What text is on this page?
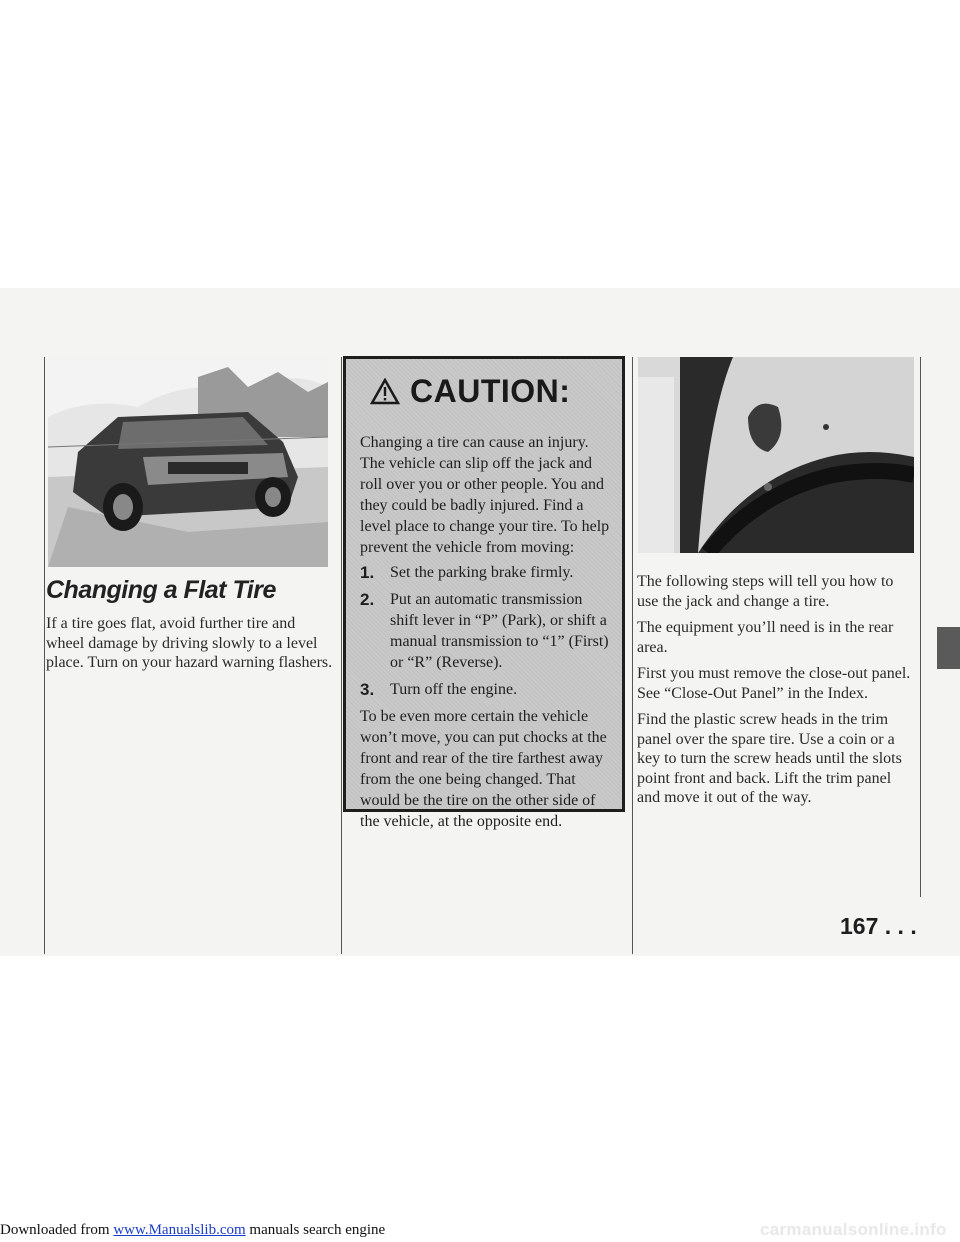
Changing a Flat Tire

If a tire goes flat, avoid further tire and wheel damage by driving slowly to a level place. Turn on your hazard warning flashers.

CAUTION:

Changing a tire can cause an injury. The vehicle can slip off the jack and roll over you or other people. You and they could be badly injured. Find a level place to change your tire. To help prevent the vehicle from moving:

1. Set the parking brake firmly.
2. Put an automatic transmission shift lever in “P” (Park), or shift a manual transmission to “1” (First) or “R” (Reverse).
3. Turn off the engine.

To be even more certain the vehicle won’t move, you can put chocks at the front and rear of the tire farthest away from the one being changed. That would be the tire on the other side of the vehicle, at the opposite end.

The following steps will tell you how to use the jack and change a tire.

The equipment you’ll need is in the rear area.

First you must remove the close-out panel. See “Close-Out Panel” in the Index.

Find the plastic screw heads in the trim panel over the spare tire. Use a coin or a key to turn the screw heads until the slots point front and back. Lift the trim panel and move it out of the way.

167 . . .

Downloaded from www.Manualslib.com manuals search engine	carmanualsonline.info
